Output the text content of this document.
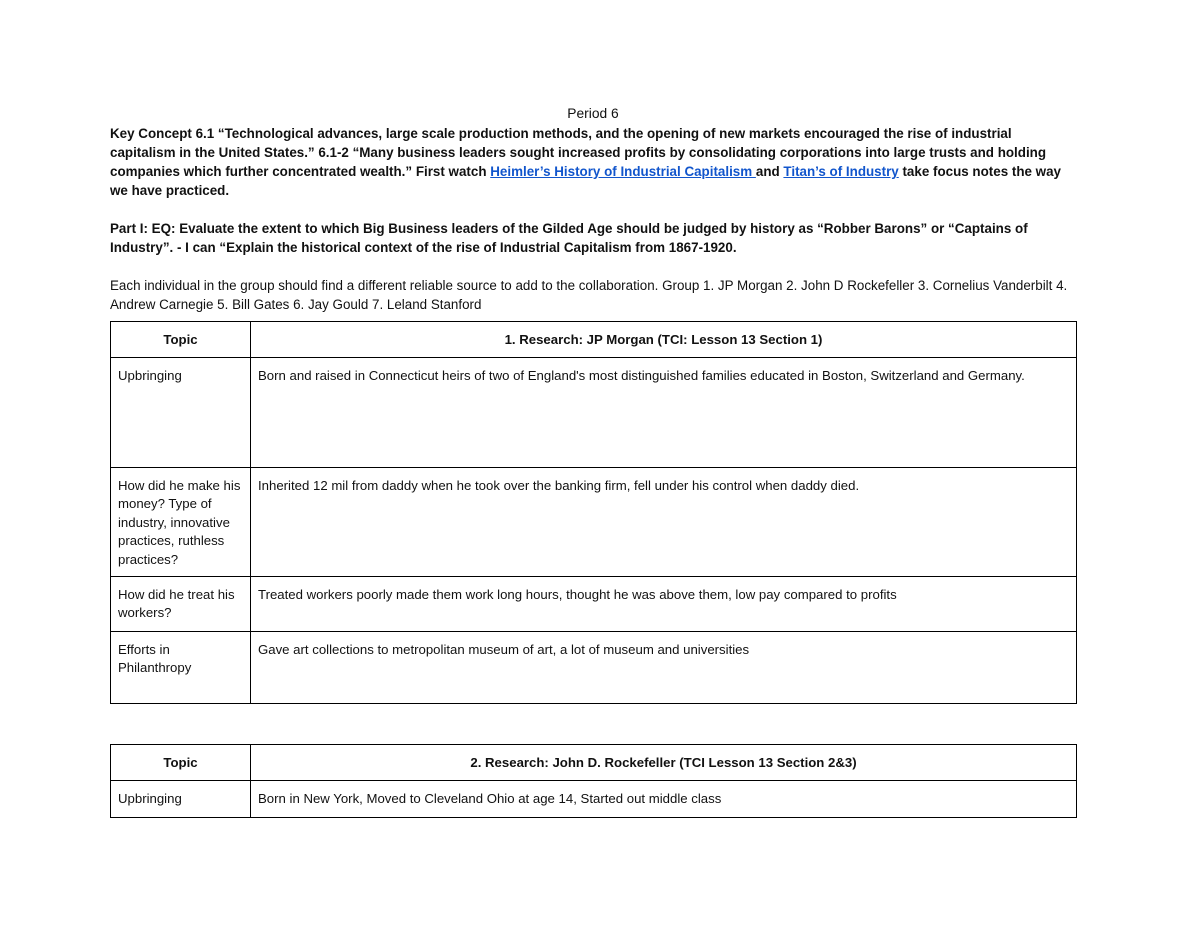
Period 6

Key Concept 6.1 “Technological advances, large scale production methods, and the opening of new markets encouraged the rise of industrial capitalism in the United States.” 6.1-2 “Many business leaders sought increased profits by consolidating corporations into large trusts and holding companies which further concentrated wealth.” First watch Heimler’s History of Industrial Capitalism and Titan’s of Industry take focus notes the way we have practiced.

Part I: EQ: Evaluate the extent to which Big Business leaders of the Gilded Age should be judged by history as “Robber Barons” or “Captains of Industry”. - I can “Explain the historical context of the rise of Industrial Capitalism from 1867-1920.

Each individual in the group should find a different reliable source to add to the collaboration. Group 1. JP Morgan 2. John D Rockefeller 3. Cornelius Vanderbilt 4. Andrew Carnegie 5. Bill Gates 6. Jay Gould 7. Leland Stanford

Topic	1. Research: JP Morgan (TCI: Lesson 13 Section 1)
Upbringing	Born and raised in Connecticut heirs of two of England's most distinguished families educated in Boston, Switzerland and Germany.
How did he make his money? Type of industry, innovative practices, ruthless practices?	Inherited 12 mil from daddy when he took over the banking firm, fell under his control when daddy died.
How did he treat his workers?	Treated workers poorly made them work long hours, thought he was above them, low pay compared to profits
Efforts in Philanthropy	Gave art collections to metropolitan museum of art, a lot of museum and universities
Topic	2. Research: John D. Rockefeller (TCI Lesson 13 Section 2&3)
Upbringing	Born in New York, Moved to Cleveland Ohio at age 14, Started out middle class
